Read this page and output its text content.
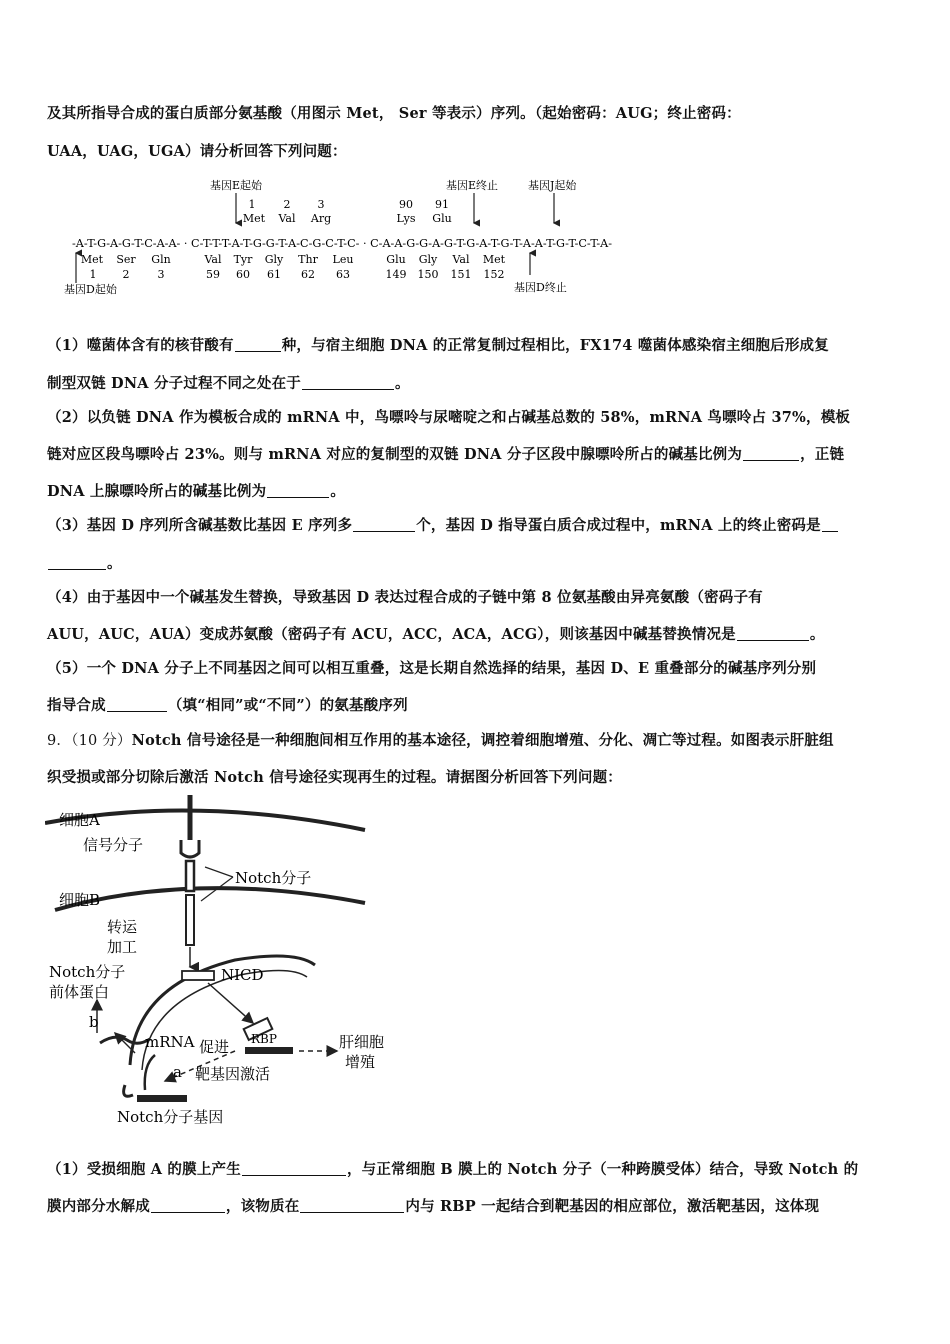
及其所指导合成的蛋白质部分氨基酸（用图示 Met， Ser 等表示）序列。（起始密码：AUG；终止密码：
UAA，UAG，UGA）请分析回答下列问题：
基因E起始	基因E终止	基因J起始
1	2 3	90 91
Met Val Arg	Lys Glu
-A-T-G-A-G-T-C-A-A- · C-T-T-T-A-T-G-G-T-A-C-G-C-T-C- · C-A-A-G-G-A-G-T-G-A-T-G-T-A-A-T-G-T-C-T-A-
Met Ser Gln	Val Tyr Gly Thr Leu	Glu Gly Val Met
1 2	3	59 60 61 62 63	149 150 151 152
基因D起始	基因D终止
（1）噬菌体含有的核苷酸有	种，与宿主细胞 DNA 的正常复制过程相比，FX174 噬菌体感染宿主细胞后形成复
制型双链 DNA 分子过程不同之处在于	。
（2）以负链 DNA 作为模板合成的 mRNA 中，鸟嘌呤与尿嘧啶之和占碱基总数的 58%，mRNA 鸟嘌呤占 37%，模板
链对应区段鸟嘌呤占 23%。则与 mRNA 对应的复制型的双链 DNA 分子区段中腺嘌呤所占的碱基比例为	，正链
DNA 上腺嘌呤所占的碱基比例为	。
（3）基因 D 序列所含碱基数比基因 E 序列多	个，基因 D 指导蛋白质合成过程中，mRNA 上的终止密码是
。
（4）由于基因中一个碱基发生替换，导致基因 D 表达过程合成的子链中第 8 位氨基酸由异亮氨酸（密码子有
AUU，AUC，AUA）变成苏氨酸（密码子有 ACU，ACC，ACA，ACG），则该基因中碱基替换情况是	。
（5）一个 DNA 分子上不同基因之间可以相互重叠，这是长期自然选择的结果，基因 D、E 重叠部分的碱基序列分别
指导合成	（填“相同”或“不同”）的氨基酸序列
9．（10 分）Notch 信号途径是一种细胞间相互作用的基本途径，调控着细胞增殖、分化、凋亡等过程。如图表示肝脏组
织受损或部分切除后激活 Notch 信号途径实现再生的过程。请据图分析回答下列问题：
细胞A
信号分子
Notch分子
细胞B
转运
加工
NICD
Notch分子
前体蛋白
b
mRNA 促进 RBP	肝细胞
增殖
a 靶基因激活
Notch分子基因
（1）受损细胞 A 的膜上产生	，与正常细胞 B 膜上的 Notch 分子（一种跨膜受体）结合，导致 Notch 的
膜内部分水解成	，该物质在	内与 RBP 一起结合到靶基因的相应部位，激活靶基因，这体现
